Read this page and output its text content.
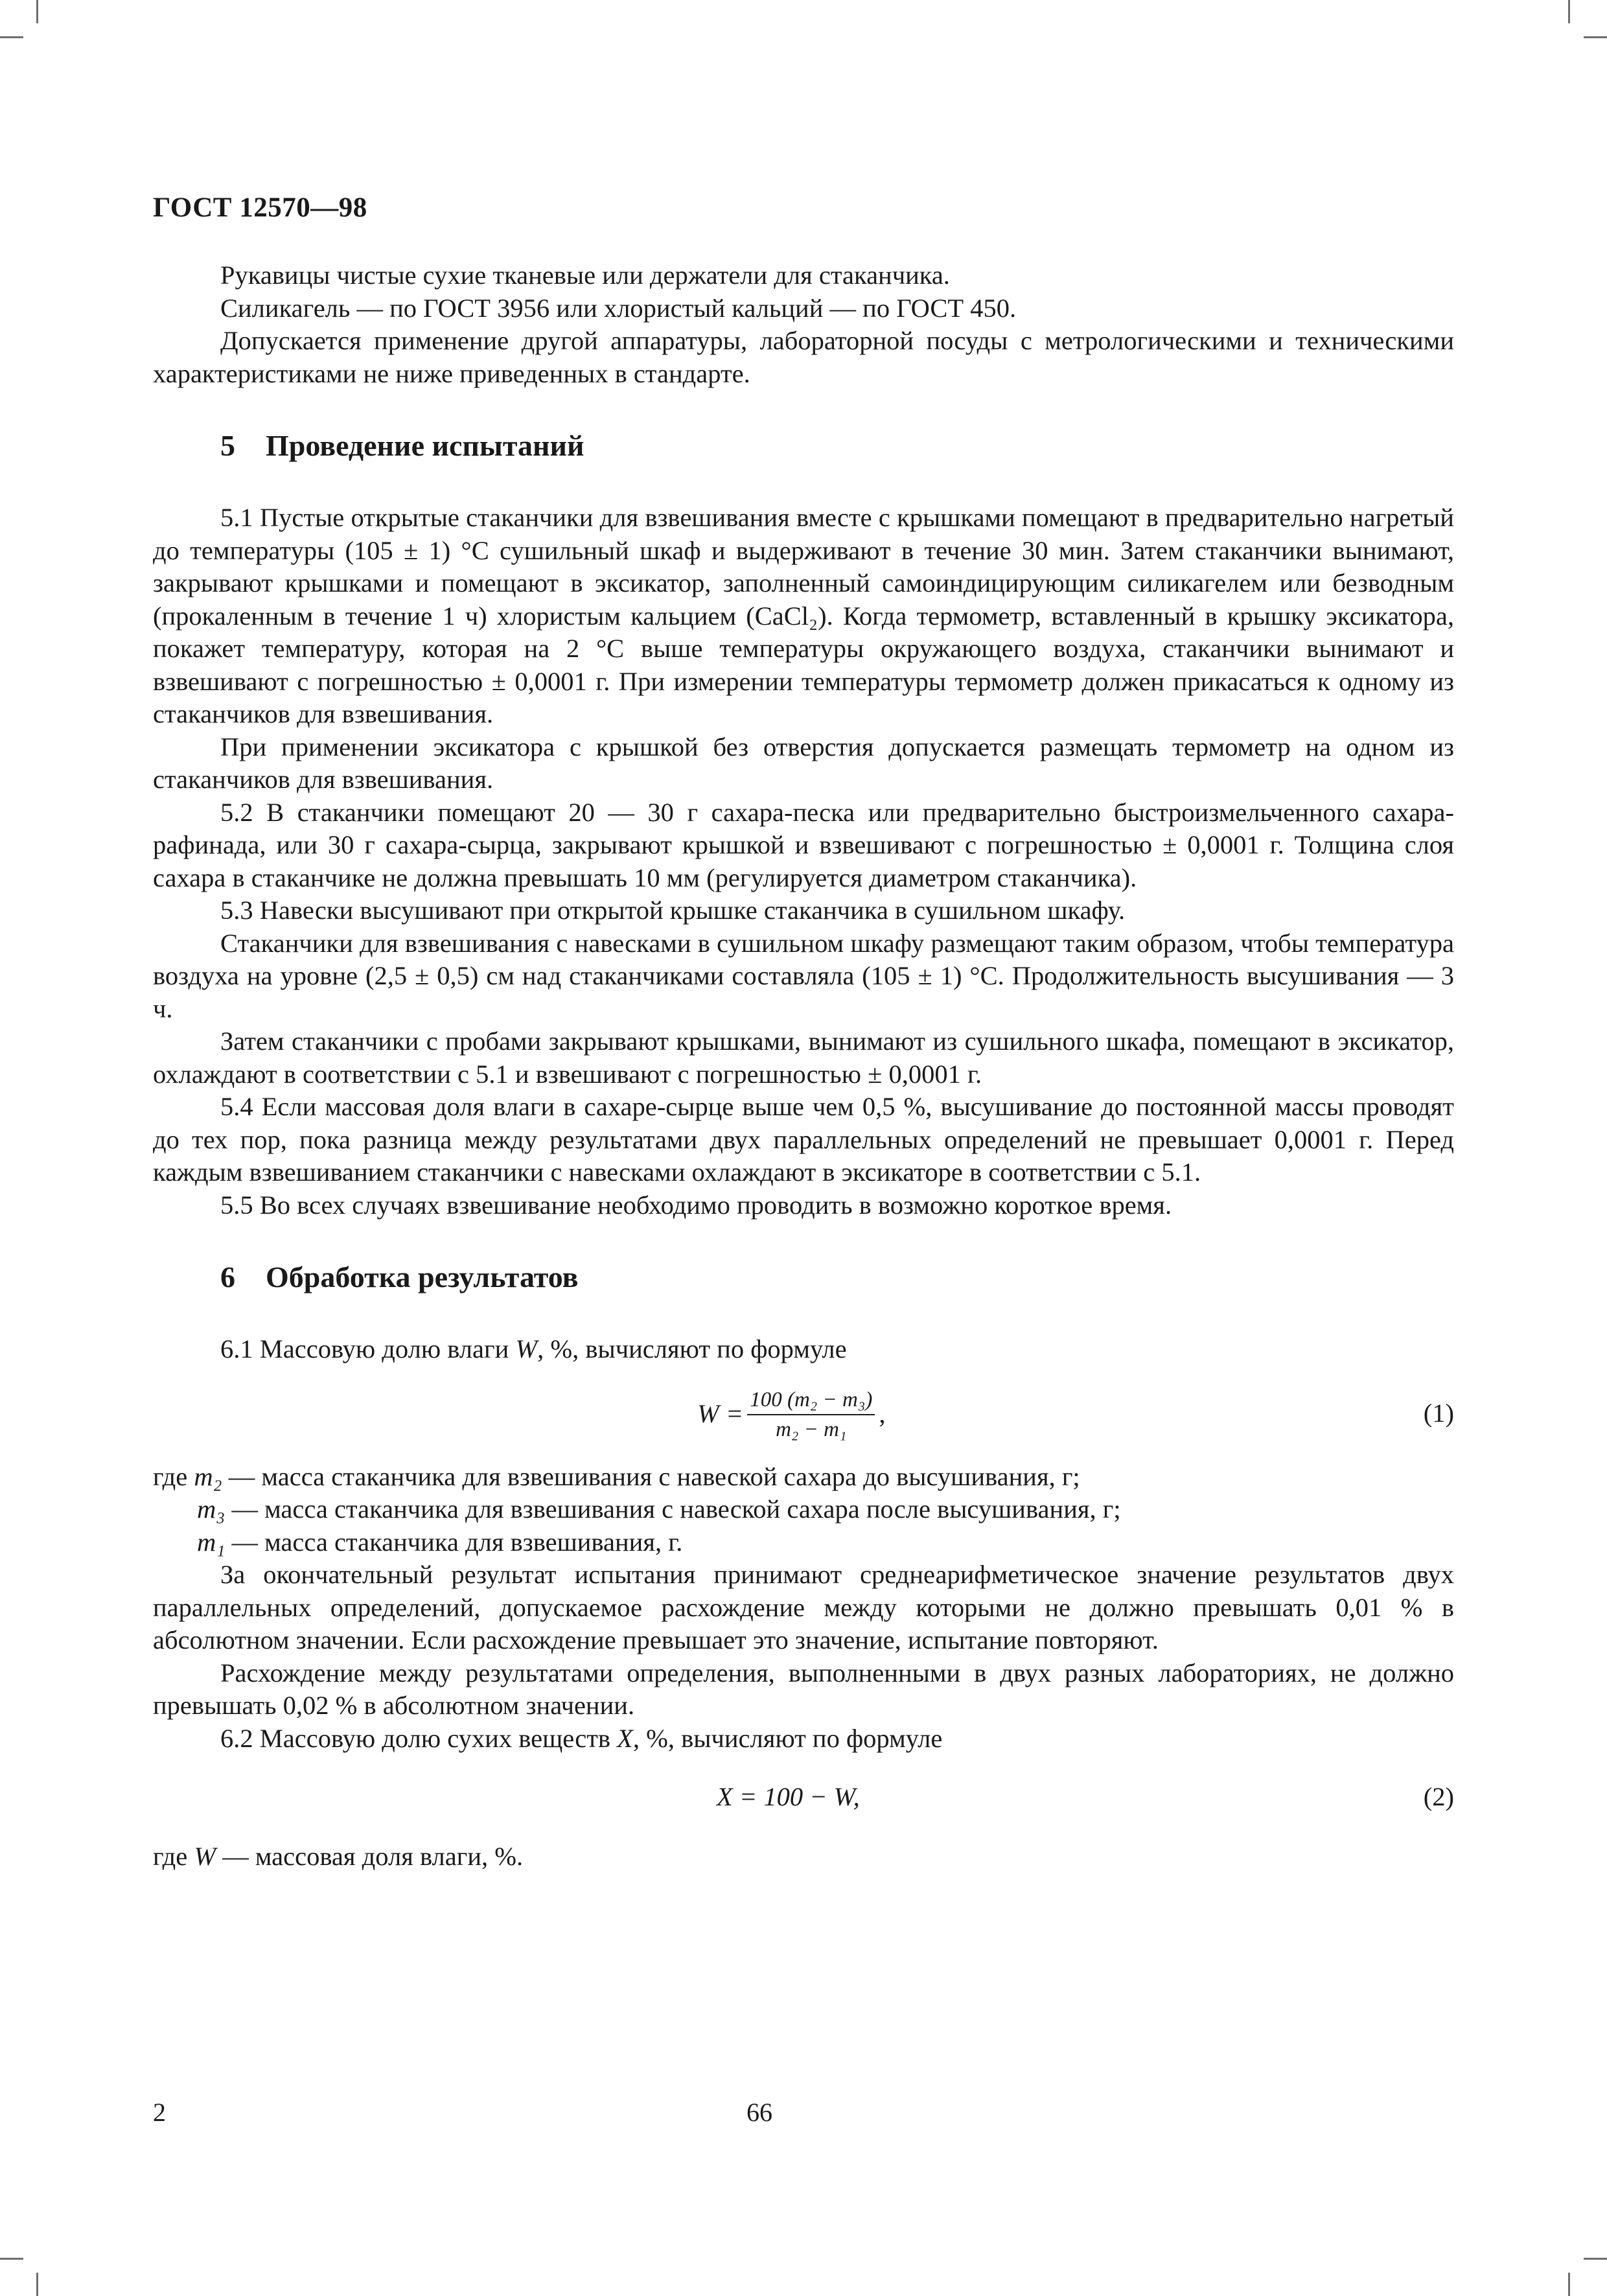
ГОСТ 12570—98

Рукавицы чистые сухие тканевые или держатели для стаканчика.

Силикагель — по ГОСТ 3956 или хлористый кальций — по ГОСТ 450.

Допускается применение другой аппаратуры, лабораторной посуды с метрологическими и техническими характеристиками не ниже приведенных в стандарте.

5 Проведение испытаний

5.1 Пустые открытые стаканчики для взвешивания вместе с крышками помещают в предварительно нагретый до температуры (105 ± 1) °С сушильный шкаф и выдерживают в течение 30 мин. Затем стаканчики вынимают, закрывают крышками и помещают в эксикатор, заполненный самоиндицирующим силикагелем или безводным (прокаленным в течение 1 ч) хлористым кальцием (CaCl₂). Когда термометр, вставленный в крышку эксикатора, покажет температуру, которая на 2 °С выше температуры окружающего воздуха, стаканчики вынимают и взвешивают с погрешностью ± 0,0001 г. При измерении температуры термометр должен прикасаться к одному из стаканчиков для взвешивания.

При применении эксикатора с крышкой без отверстия допускается размещать термометр на одном из стаканчиков для взвешивания.

5.2 В стаканчики помещают 20 — 30 г сахара-песка или предварительно быстроизмельченного сахара-рафинада, или 30 г сахара-сырца, закрывают крышкой и взвешивают с погрешностью ± 0,0001 г. Толщина слоя сахара в стаканчике не должна превышать 10 мм (регулируется диаметром стаканчика).

5.3 Навески высушивают при открытой крышке стаканчика в сушильном шкафу.

Стаканчики для взвешивания с навесками в сушильном шкафу размещают таким образом, чтобы температура воздуха на уровне (2,5 ± 0,5) см над стаканчиками составляла (105 ± 1) °С. Продолжительность высушивания — 3 ч.

Затем стаканчики с пробами закрывают крышками, вынимают из сушильного шкафа, помещают в эксикатор, охлаждают в соответствии с 5.1 и взвешивают с погрешностью ± 0,0001 г.

5.4 Если массовая доля влаги в сахаре-сырце выше чем 0,5 %, высушивание до постоянной массы проводят до тех пор, пока разница между результатами двух параллельных определений не превышает 0,0001 г. Перед каждым взвешиванием стаканчики с навесками охлаждают в эксикаторе в соответствии с 5.1.

5.5 Во всех случаях взвешивание необходимо проводить в возможно короткое время.

6 Обработка результатов

6.1 Массовую долю влаги W, %, вычисляют по формуле

$W = \frac{\text{100 (m₂ − m₃)}}{\text{m₂ − m₁}}$ ,	(1)

где m₂ — масса стаканчика для взвешивания с навеской сахара до высушивания, г;

m₃ — масса стаканчика для взвешивания с навеской сахара после высушивания, г;

m₁ — масса стаканчика для взвешивания, г.

За окончательный результат испытания принимают среднеарифметическое значение результатов двух параллельных определений, допускаемое расхождение между которыми не должно превышать 0,01 % в абсолютном значении. Если расхождение превышает это значение, испытание повторяют.

Расхождение между результатами определения, выполненными в двух разных лабораториях, не должно превышать 0,02 % в абсолютном значении.

6.2 Массовую долю сухих веществ X, %, вычисляют по формуле

X = 100 − W,	(2)

где W — массовая доля влаги, %.

2	66
